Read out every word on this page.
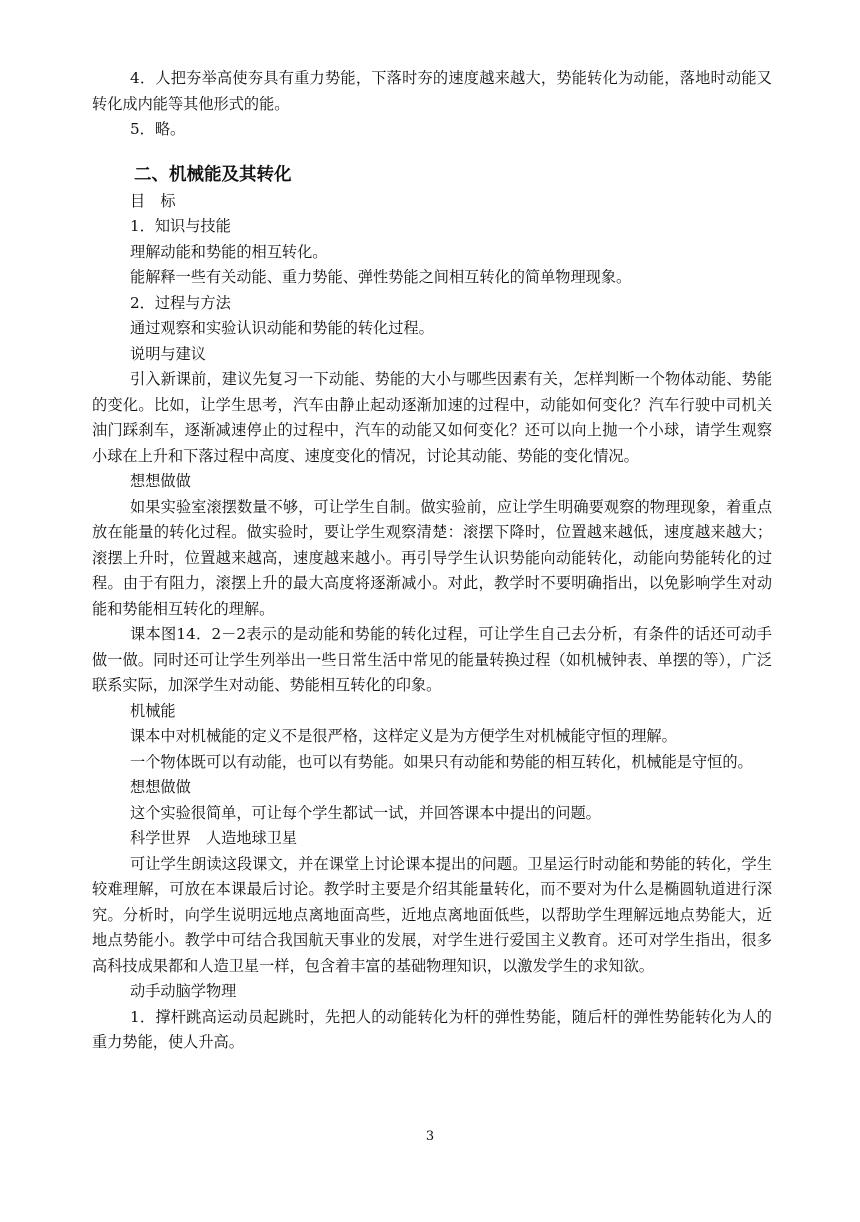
4．人把夯举高使夯具有重力势能，下落时夯的速度越来越大，势能转化为动能，落地时动能又转化成内能等其他形式的能。

5．略。

二、机械能及其转化

目　标

1．知识与技能

理解动能和势能的相互转化。

能解释一些有关动能、重力势能、弹性势能之间相互转化的简单物理现象。

2．过程与方法

通过观察和实验认识动能和势能的转化过程。

说明与建议

引入新课前，建议先复习一下动能、势能的大小与哪些因素有关，怎样判断一个物体动能、势能的变化。比如，让学生思考，汽车由静止起动逐渐加速的过程中，动能如何变化？汽车行驶中司机关油门踩刹车，逐渐减速停止的过程中，汽车的动能又如何变化？还可以向上抛一个小球，请学生观察小球在上升和下落过程中高度、速度变化的情况，讨论其动能、势能的变化情况。

想想做做

如果实验室滚摆数量不够，可让学生自制。做实验前，应让学生明确要观察的物理现象，着重点放在能量的转化过程。做实验时，要让学生观察清楚：滚摆下降时，位置越来越低，速度越来越大；滚摆上升时，位置越来越高，速度越来越小。再引导学生认识势能向动能转化，动能向势能转化的过程。由于有阻力，滚摆上升的最大高度将逐渐减小。对此，教学时不要明确指出，以免影响学生对动能和势能相互转化的理解。

课本图14．2－2表示的是动能和势能的转化过程，可让学生自己去分析，有条件的话还可动手做一做。同时还可让学生列举出一些日常生活中常见的能量转换过程（如机械钟表、单摆的等），广泛联系实际，加深学生对动能、势能相互转化的印象。

机械能

课本中对机械能的定义不是很严格，这样定义是为方便学生对机械能守恒的理解。

一个物体既可以有动能，也可以有势能。如果只有动能和势能的相互转化，机械能是守恒的。

想想做做

这个实验很简单，可让每个学生都试一试，并回答课本中提出的问题。

科学世界　人造地球卫星

可让学生朗读这段课文，并在课堂上讨论课本提出的问题。卫星运行时动能和势能的转化，学生较难理解，可放在本课最后讨论。教学时主要是介绍其能量转化，而不要对为什么是椭圆轨道进行深究。分析时，向学生说明远地点离地面高些，近地点离地面低些，以帮助学生理解远地点势能大，近地点势能小。教学中可结合我国航天事业的发展，对学生进行爱国主义教育。还可对学生指出，很多高科技成果都和人造卫星一样，包含着丰富的基础物理知识，以激发学生的求知欲。

动手动脑学物理

1．撑杆跳高运动员起跳时，先把人的动能转化为杆的弹性势能，随后杆的弹性势能转化为人的重力势能，使人升高。

3
